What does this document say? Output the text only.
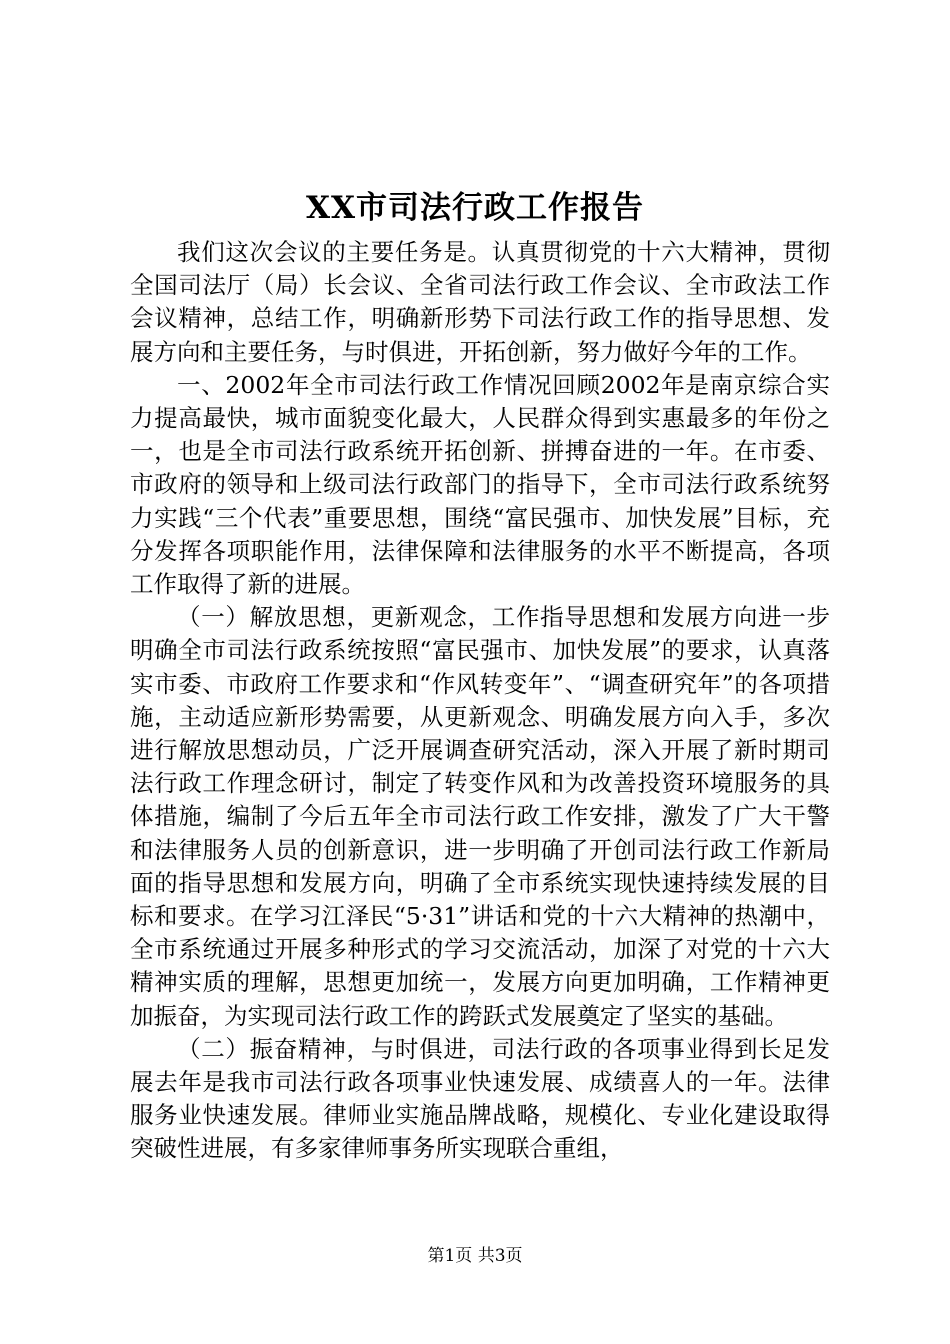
XX市司法行政工作报告

我们这次会议的主要任务是。认真贯彻党的十六大精神，贯彻全国司法厅（局）长会议、全省司法行政工作会议、全市政法工作会议精神，总结工作，明确新形势下司法行政工作的指导思想、发展方向和主要任务，与时俱进，开拓创新，努力做好今年的工作。

一、2002年全市司法行政工作情况回顾2002年是南京综合实力提高最快，城市面貌变化最大，人民群众得到实惠最多的年份之一，也是全市司法行政系统开拓创新、拼搏奋进的一年。在市委、市政府的领导和上级司法行政部门的指导下，全市司法行政系统努力实践“三个代表”重要思想，围绕“富民强市、加快发展”目标，充分发挥各项职能作用，法律保障和法律服务的水平不断提高，各项工作取得了新的进展。

（一）解放思想，更新观念，工作指导思想和发展方向进一步明确全市司法行政系统按照“富民强市、加快发展”的要求，认真落实市委、市政府工作要求和“作风转变年”、“调查研究年”的各项措施，主动适应新形势需要，从更新观念、明确发展方向入手，多次进行解放思想动员，广泛开展调查研究活动，深入开展了新时期司法行政工作理念研讨，制定了转变作风和为改善投资环境服务的具体措施，编制了今后五年全市司法行政工作安排，激发了广大干警和法律服务人员的创新意识，进一步明确了开创司法行政工作新局面的指导思想和发展方向，明确了全市系统实现快速持续发展的目标和要求。在学习江泽民“5·31”讲话和党的十六大精神的热潮中，全市系统通过开展多种形式的学习交流活动，加深了对党的十六大精神实质的理解，思想更加统一，发展方向更加明确，工作精神更加振奋，为实现司法行政工作的跨跃式发展奠定了坚实的基础。

（二）振奋精神，与时俱进，司法行政的各项事业得到长足发展去年是我市司法行政各项事业快速发展、成绩喜人的一年。法律服务业快速发展。律师业实施品牌战略，规模化、专业化建设取得突破性进展，有多家律师事务所实现联合重组，

第1页 共3页
